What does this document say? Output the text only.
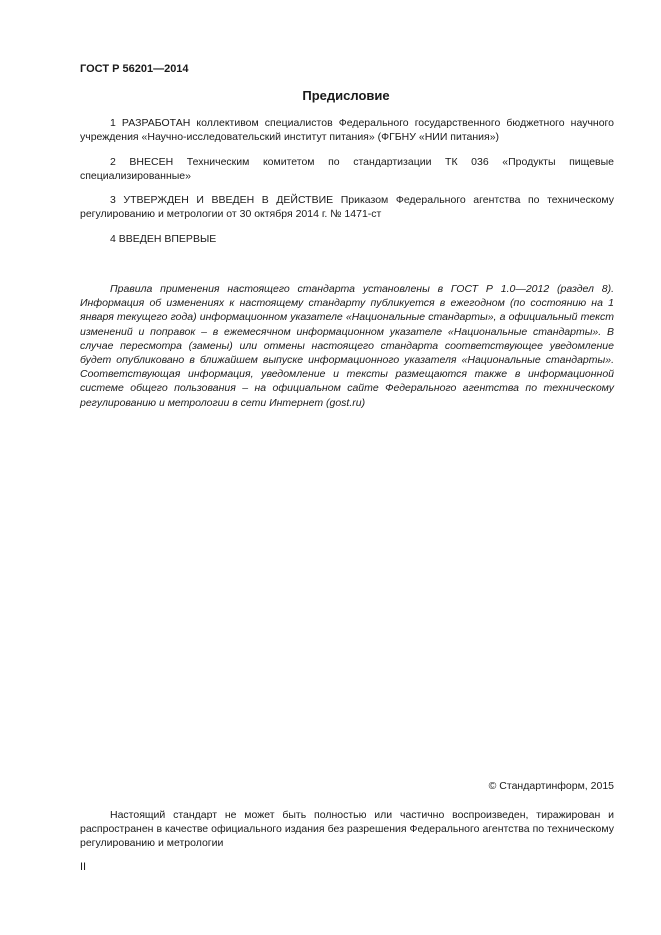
ГОСТ Р 56201—2014
Предисловие

1 РАЗРАБОТАН коллективом специалистов Федерального государственного бюджетного научного учреждения «Научно-исследовательский институт питания» (ФГБНУ «НИИ питания»)

2 ВНЕСЕН Техническим комитетом по стандартизации ТК 036 «Продукты пищевые специализированные»

3 УТВЕРЖДЕН И ВВЕДЕН В ДЕЙСТВИЕ Приказом Федерального агентства по техническому регулированию и метрологии от 30 октября 2014 г. № 1471-ст

4 ВВЕДЕН ВПЕРВЫЕ

Правила применения настоящего стандарта установлены в ГОСТ Р 1.0—2012 (раздел 8). Информация об изменениях к настоящему стандарту публикуется в ежегодном (по состоянию на 1 января текущего года) информационном указателе «Национальные стандарты», а официальный текст изменений и поправок – в ежемесячном информационном указателе «Национальные стандарты». В случае пересмотра (замены) или отмены настоящего стандарта соответствующее уведомление будет опубликовано в ближайшем выпуске информационного указателя «Национальные стандарты». Соответствующая информация, уведомление и тексты размещаются также в информационной системе общего пользования – на официальном сайте Федерального агентства по техническому регулированию и метрологии в сети Интернет (gost.ru)

© Стандартинформ, 2015

Настоящий стандарт не может быть полностью или частично воспроизведен, тиражирован и распространен в качестве официального издания без разрешения Федерального агентства по техническому регулированию и метрологии

II
